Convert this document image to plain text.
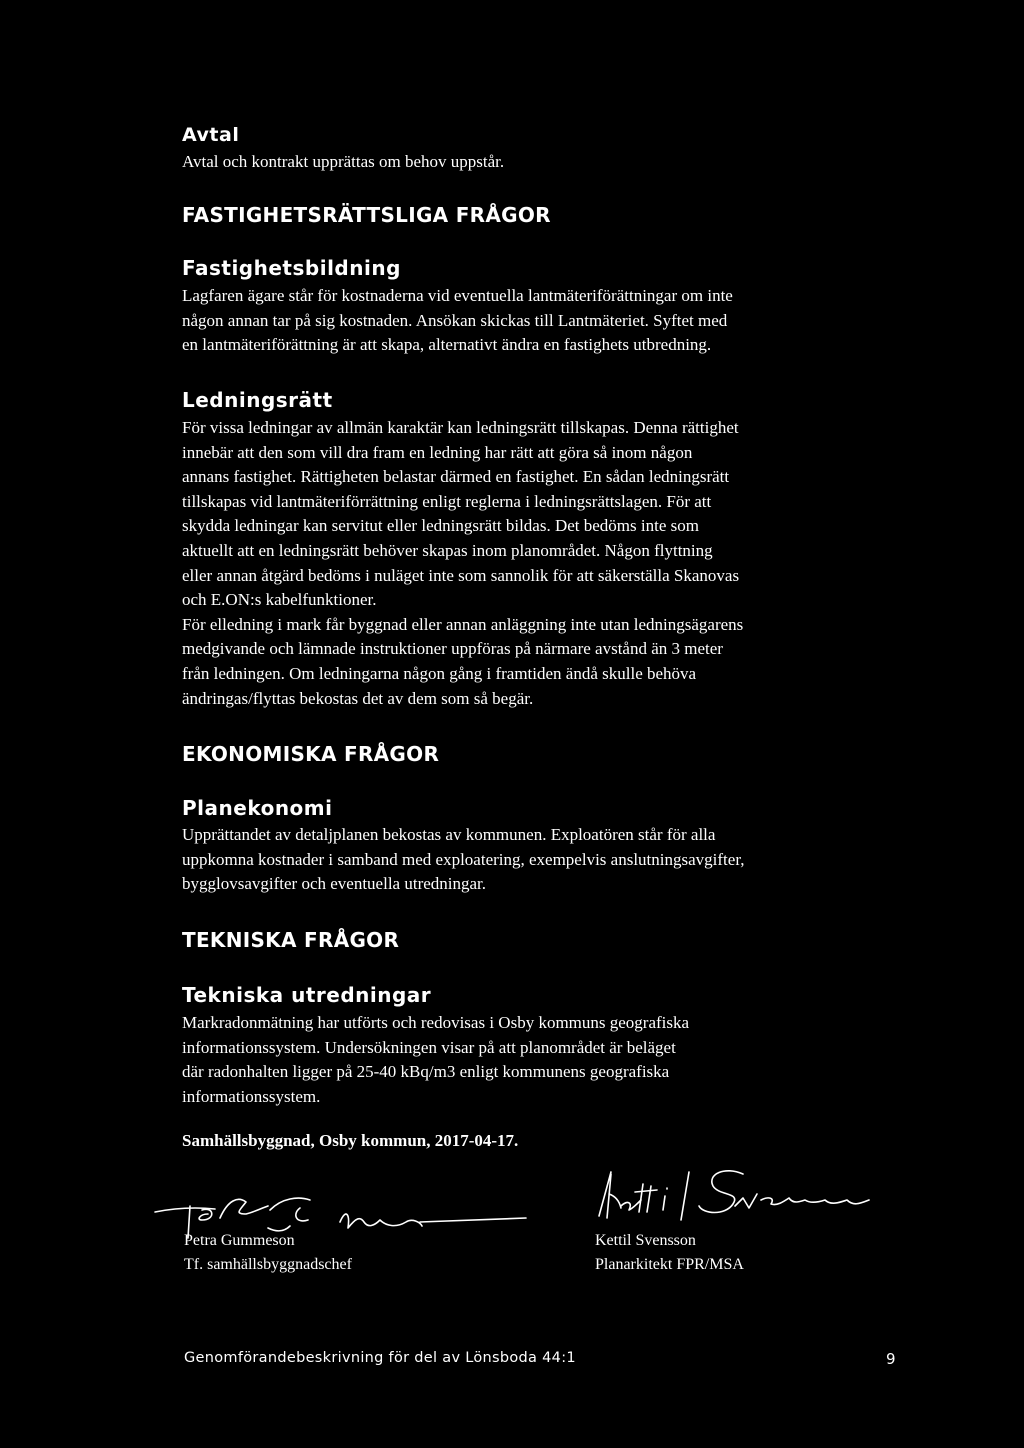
Avtal
Avtal och kontrakt upprättas om behov uppstår.
FASTIGHETSRÄTTSLIGA FRÅGOR
Fastighetsbildning
Lagfaren ägare står för kostnaderna vid eventuella lantmäteriförättningar om inte
någon annan tar på sig kostnaden. Ansökan skickas till Lantmäteriet. Syftet med
en lantmäteriförättning är att skapa, alternativt ändra en fastighets utbredning.
Ledningsrätt
För vissa ledningar av allmän karaktär kan ledningsrätt tillskapas. Denna rättighet
innebär att den som vill dra fram en ledning har rätt att göra så inom någon
annans fastighet. Rättigheten belastar därmed en fastighet. En sådan ledningsrätt
tillskapas vid lantmäteriförrättning enligt reglerna i ledningsrättslagen. För att
skydda ledningar kan servitut eller ledningsrätt bildas. Det bedöms inte som
aktuellt att en ledningsrätt behöver skapas inom planområdet. Någon flyttning
eller annan åtgärd bedöms i nuläget inte som sannolik för att säkerställa Skanovas
och E.ON:s kabelfunktioner.
För elledning i mark får byggnad eller annan anläggning inte utan ledningsägarens
medgivande och lämnade instruktioner uppföras på närmare avstånd än 3 meter
från ledningen. Om ledningarna någon gång i framtiden ändå skulle behöva
ändringas/flyttas bekostas det av dem som så begär.
EKONOMISKA FRÅGOR
Planekonomi
Upprättandet av detaljplanen bekostas av kommunen. Exploatören står för alla
uppkomna kostnader i samband med exploatering, exempelvis anslutningsavgifter,
bygglovsavgifter och eventuella utredningar.
TEKNISKA FRÅGOR
Tekniska utredningar
Markradonmätning har utförts och redovisas i Osby kommuns geografiska
informationssystem. Undersökningen visar på att planområdet är beläget
där radonhalten ligger på 25-40 kBq/m3 enligt kommunens geografiska
informationssystem.
Samhällsbyggnad, Osby kommun, 2017-04-17.
Petra Gummeson
Tf. samhällsbyggnadschef
Kettil Svensson
Planarkitekt FPR/MSA
Genomförandebeskrivning för del av Lönsboda 44:1	9
